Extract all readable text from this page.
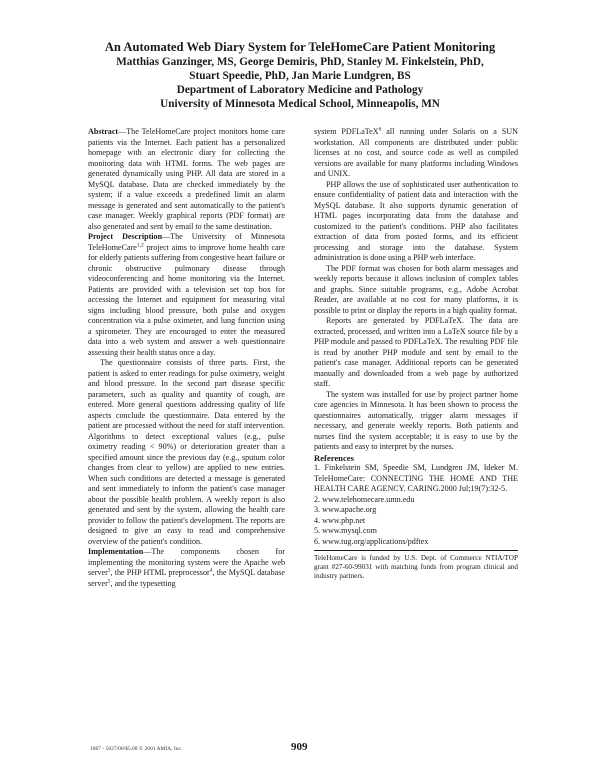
An Automated Web Diary System for TeleHomeCare Patient Monitoring

Matthias Ganzinger, MS, George Demiris, PhD, Stanley M. Finkelstein, PhD,

Stuart Speedie, PhD, Jan Marie Lundgren, BS

Department of Laboratory Medicine and Pathology

University of Minnesota Medical School, Minneapolis, MN

Abstract—The TeleHomeCare project monitors home care patients via the Internet. Each patient has a personalized homepage with an electronic diary for collecting the monitoring data with HTML forms. The web pages are generated dynamically using PHP. All data are stored in a MySQL database. Data are checked immediately by the system; if a value exceeds a predefined limit an alarm message is generated and sent automatically to the patient's case manager. Weekly graphical reports (PDF format) are also generated and sent by email to the same destination.

Project Description—The University of Minnesota TeleHomeCare$^{1,2}$ project aims to improve home health care for elderly patients suffering from congestive heart failure or chronic obstructive pulmonary disease through videoconferencing and home monitoring via the Internet. Patients are provided with a television set top box for accessing the Internet and equipment for measuring vital signs including blood pressure, both pulse and oxygen concentration via a pulse oximeter, and lung function using a spirometer. They are encouraged to enter the measured data into a web system and answer a web questionnaire assessing their health status once a day.

The questionnaire consists of three parts. First, the patient is asked to enter readings for pulse oximetry, weight and blood pressure. In the second part disease specific parameters, such as quality and quantity of cough, are entered. More general questions addressing quality of life aspects conclude the questionnaire. Data entered by the patient are processed without the need for staff intervention. Algorithms to detect exceptional values (e.g., pulse oximetry reading < 90%) or deterioration greater than a specified amount since the previous day (e.g., sputum color changes from clear to yellow) are applied to new entries. When such conditions are detected a message is generated and sent immediately to inform the patient's case manager about the possible health problem. A weekly report is also generated and sent by the system, allowing the health care provider to follow the patient's development. The reports are designed to give an easy to read and comprehensive overview of the patient's condition.

Implementation—The components chosen for implementing the monitoring system were the Apache web server$^3$, the PHP HTML preprocessor$^4$, the MySQL database server$^5$, and the typesetting

system PDFLaTeX$^6$ all running under Solaris on a SUN workstation. All components are distributed under public licenses at no cost, and source code as well as compiled versions are available for many platforms including Windows and UNIX.

PHP allows the use of sophisticated user authentication to ensure confidentiality of patient data and interaction with the MySQL database. It also supports dynamic generation of HTML pages incorporating data from the database and customized to the patient's conditions. PHP also facilitates extraction of data from posted forms, and its efficient processing and storage into the database. System administration is done using a PHP web interface.

The PDF format was chosen for both alarm messages and weekly reports because it allows inclusion of complex tables and graphs. Since suitable programs, e.g., Adobe Acrobat Reader, are available at no cost for many platforms, it is possible to print or display the reports in a high quality format.

Reports are generated by PDFLaTeX. The data are extracted, processed, and written into a LaTeX source file by a PHP module and passed to PDFLaTeX. The resulting PDF file is read by another PHP module and sent by email to the patient's case manager. Additional reports can be generated manually and downloaded from a web page by authorized staff.

The system was installed for use by project partner home care agencies in Minnesota. It has been shown to process the questionnaires automatically, trigger alarm messages if necessary, and generate weekly reports. Both patients and nurses find the system acceptable; it is easy to use by the patients and easy to interpret by the nurses.

References

1. Finkelstein SM, Speedie SM, Lundgren JM, Ideker M. TeleHomeCare: CONNECTING THE HOME AND THE HEALTH CARE AGENCY. CARING.2000 Jul;19(7):32-5.

2. www.telehomecare.umn.edu

3. www.apache.org

4. www.php.net

5. www.mysql.com

6. www.tug.org/applications/pdftex

TeleHomeCare is funded by U.S. Dept. of Commerce NTIA/TOP grant #27-60-99031 with matching funds from program clinical and industry partners.

1067 - 5027/00/$5.00 © 2001 AMIA, Inc.	909
